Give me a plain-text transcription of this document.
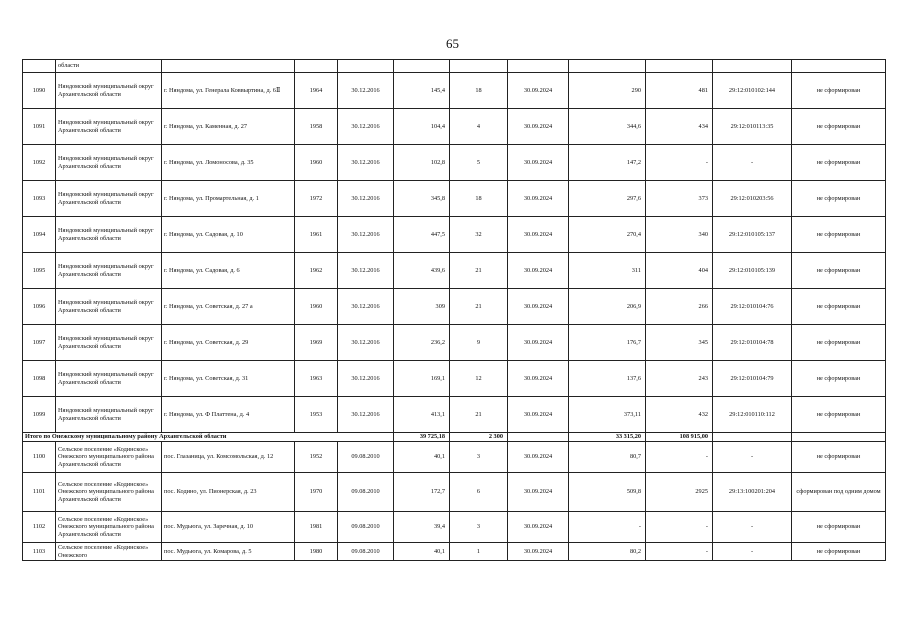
65
	области										
1090	Няндомский муниципальный округ Архангельской области	г. Няндома, ул. Генерала Коввыртина, д. 6Ⅱ	1964	30.12.2016	145,4	18	30.09.2024	290	481	29:12:010102:144	не сформирован
1091	Няндомский муниципальный округ Архангельской области	г. Няндома, ул. Каменная, д. 27	1958	30.12.2016	104,4	4	30.09.2024	344,6	434	29:12:010113:35	не сформирован
1092	Няндомский муниципальный округ Архангельской области	г. Няндома, ул. Ломоносова, д. 35	1960	30.12.2016	102,8	5	30.09.2024	147,2	-	-	не сформирован
1093	Няндомский муниципальный округ Архангельской области	г. Няндома, ул. Промартельная, д. 1	1972	30.12.2016	345,8	18	30.09.2024	297,6	373	29:12:010203:56	не сформирован
1094	Няндомский муниципальный округ Архангельской области	г. Няндома, ул. Садовая, д. 10	1961	30.12.2016	447,5	32	30.09.2024	270,4	340	29:12:010105:137	не сформирован
1095	Няндомский муниципальный округ Архангельской области	г. Няндома, ул. Садовая, д. 6	1962	30.12.2016	439,6	21	30.09.2024	311	404	29:12:010105:139	не сформирован
1096	Няндомский муниципальный округ Архангельской области	г. Няндома, ул. Советская, д. 27 а	1960	30.12.2016	309	21	30.09.2024	206,9	266	29:12:010104:76	не сформирован
1097	Няндомский муниципальный округ Архангельской области	г. Няндома, ул. Советская, д. 29	1969	30.12.2016	236,2	9	30.09.2024	176,7	345	29:12:010104:78	не сформирован
1098	Няндомский муниципальный округ Архангельской области	г. Няндома, ул. Советская, д. 31	1963	30.12.2016	169,1	12	30.09.2024	137,6	243	29:12:010104:79	не сформирован
1099	Няндомский муниципальный округ Архангельской области	г. Няндома, ул. Ф Платтена, д. 4	1953	30.12.2016	413,1	21	30.09.2024	373,11	432	29:12:010110:112	не сформирован
Итого по Онежскому муниципальному району Архангельской области					39 725,18	2 300		33 315,20	108 915,00		
1100	Сельское поселение «Кодинское» Онежского муниципального района Архангельской области	пос. Глазаница, ул. Комсомольская, д. 12	1952	09.08.2010	40,1	3	30.09.2024	80,7	-	-	не сформирован
1101	Сельское поселение «Кодинское» Онежского муниципального района Архангельской области	пос. Кодино, ул. Пионерская, д. 23	1970	09.08.2010	172,7	6	30.09.2024	509,8	2925	29:13:100201:204	сформирован под одним домом
1102	Сельское поселение «Кодинское» Онежского муниципального района Архангельской области	пос. Мудьюга, ул. Заречная, д. 10	1981	09.08.2010	39,4	3	30.09.2024	-	-	-	не сформирован
1103	Сельское поселение «Кодинское» Онежского	пос. Мудьюга, ул. Комарова, д. 5	1980	09.08.2010	40,1	1	30.09.2024	80,2	-	-	не сформирован
